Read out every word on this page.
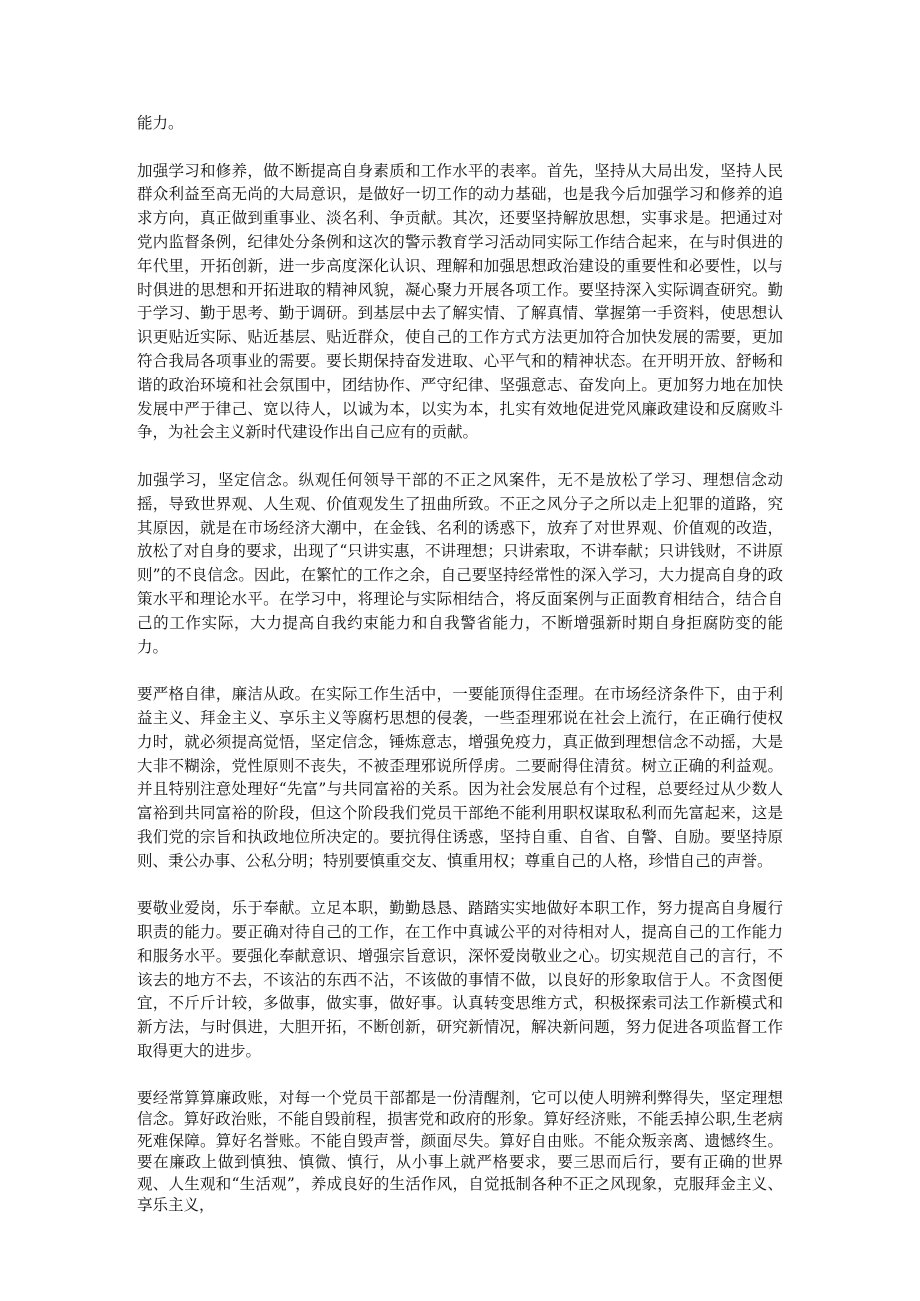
能力。

加强学习和修养，做不断提高自身素质和工作水平的表率。首先，坚持从大局出发，坚持人民群众利益至高无尚的大局意识，是做好一切工作的动力基础，也是我今后加强学习和修养的追求方向，真正做到重事业、淡名利、争贡献。其次，还要坚持解放思想，实事求是。把通过对党内监督条例，纪律处分条例和这次的警示教育学习活动同实际工作结合起来，在与时俱进的年代里，开拓创新，进一步高度深化认识、理解和加强思想政治建设的重要性和必要性，以与时俱进的思想和开拓进取的精神风貌，凝心聚力开展各项工作。要坚持深入实际调查研究。勤于学习、勤于思考、勤于调研。到基层中去了解实情、了解真情、掌握第一手资料，使思想认识更贴近实际、贴近基层、贴近群众，使自己的工作方式方法更加符合加快发展的需要，更加符合我局各项事业的需要。要长期保持奋发进取、心平气和的精神状态。在开明开放、舒畅和谐的政治环境和社会氛围中，团结协作、严守纪律、坚强意志、奋发向上。更加努力地在加快发展中严于律己、宽以待人，以诚为本，以实为本，扎实有效地促进党风廉政建设和反腐败斗争，为社会主义新时代建设作出自己应有的贡献。

加强学习，坚定信念。纵观任何领导干部的不正之风案件，无不是放松了学习、理想信念动摇，导致世界观、人生观、价值观发生了扭曲所致。不正之风分子之所以走上犯罪的道路，究其原因，就是在市场经济大潮中，在金钱、名利的诱惑下，放弃了对世界观、价值观的改造，放松了对自身的要求，出现了“只讲实惠，不讲理想；只讲索取，不讲奉献；只讲钱财，不讲原则”的不良信念。因此，在繁忙的工作之余，自己要坚持经常性的深入学习，大力提高自身的政策水平和理论水平。在学习中，将理论与实际相结合，将反面案例与正面教育相结合，结合自己的工作实际，大力提高自我约束能力和自我警省能力，不断增强新时期自身拒腐防变的能力。

要严格自律，廉洁从政。在实际工作生活中，一要能顶得住歪理。在市场经济条件下，由于利益主义、拜金主义、享乐主义等腐朽思想的侵袭，一些歪理邪说在社会上流行，在正确行使权力时，就必须提高觉悟，坚定信念，锤炼意志，增强免疫力，真正做到理想信念不动摇，大是大非不糊涂，党性原则不丧失，不被歪理邪说所俘虏。二要耐得住清贫。树立正确的利益观。并且特别注意处理好“先富”与共同富裕的关系。因为社会发展总有个过程，总要经过从少数人富裕到共同富裕的阶段，但这个阶段我们党员干部绝不能利用职权谋取私利而先富起来，这是我们党的宗旨和执政地位所决定的。要抗得住诱惑，坚持自重、自省、自警、自励。要坚持原则、秉公办事、公私分明；特别要慎重交友、慎重用权；尊重自己的人格，珍惜自己的声誉。

要敬业爱岗，乐于奉献。立足本职，勤勤恳恳、踏踏实实地做好本职工作，努力提高自身履行职责的能力。要正确对待自己的工作，在工作中真诚公平的对待相对人，提高自己的工作能力和服务水平。要强化奉献意识、增强宗旨意识，深怀爱岗敬业之心。切实规范自己的言行，不该去的地方不去，不该沾的东西不沾，不该做的事情不做，以良好的形象取信于人。不贪图便宜，不斤斤计较，多做事，做实事，做好事。认真转变思维方式，积极探索司法工作新模式和新方法，与时俱进，大胆开拓，不断创新，研究新情况，解决新问题，努力促进各项监督工作取得更大的进步。

要经常算算廉政账，对每一个党员干部都是一份清醒剂，它可以使人明辨利弊得失，坚定理想信念。算好政治账，不能自毁前程，损害党和政府的形象。算好经济账，不能丢掉公职,生老病死难保障。算好名誉账。不能自毁声誉，颜面尽失。算好自由账。不能众叛亲离、遗憾终生。要在廉政上做到慎独、慎微、慎行，从小事上就严格要求，要三思而后行，要有正确的世界观、人生观和“生活观”，养成良好的生活作风，自觉抵制各种不正之风现象，克服拜金主义、享乐主义，
